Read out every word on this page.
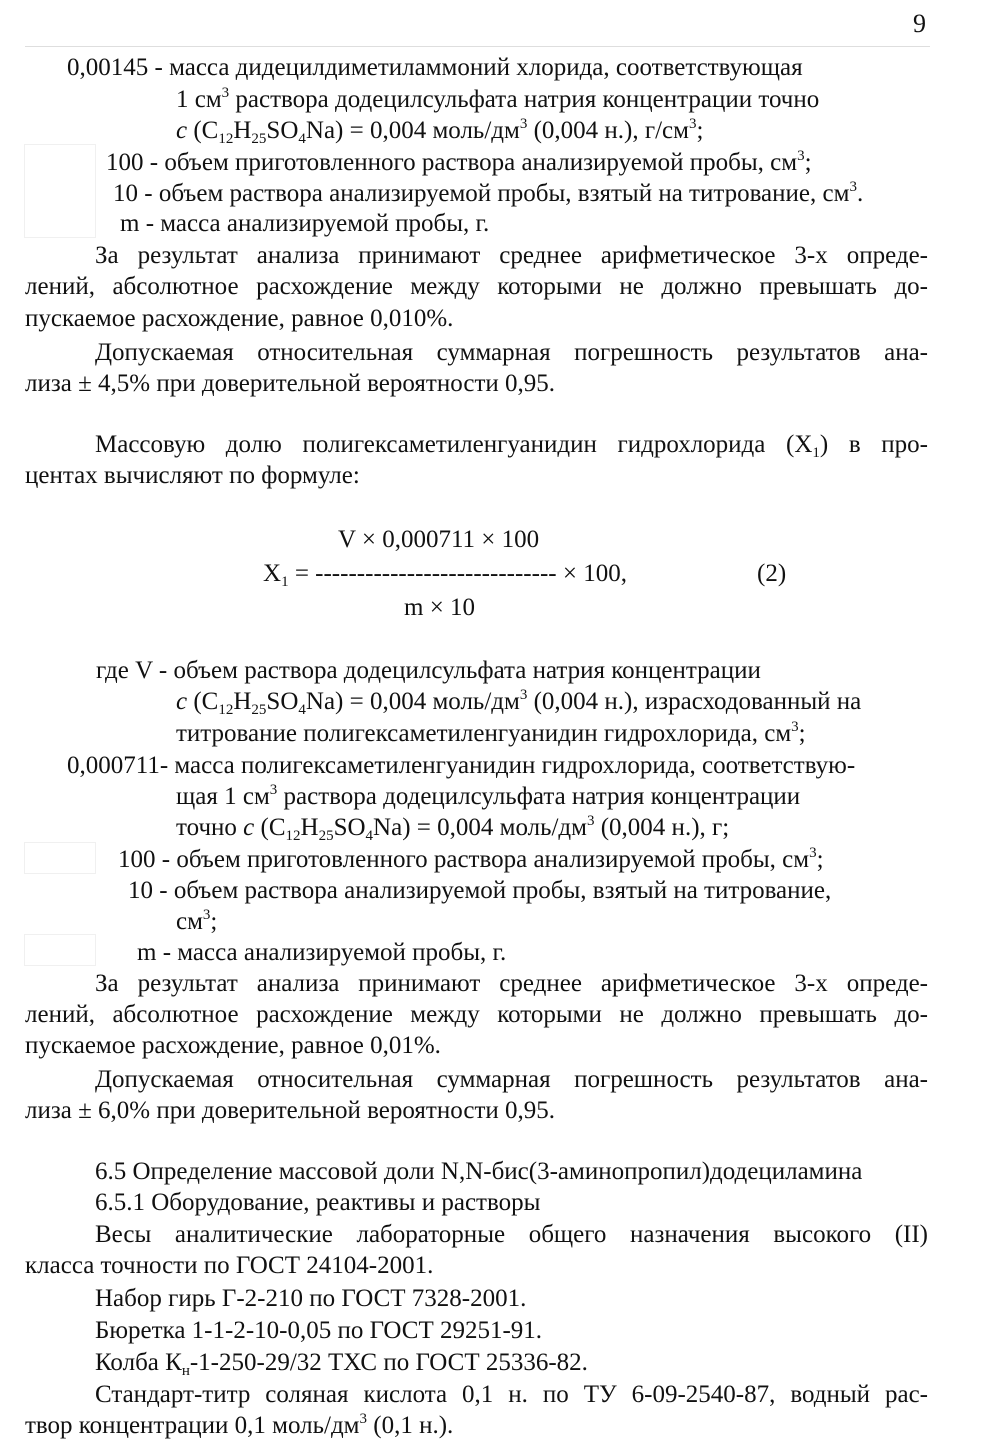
9
0,00145 - масса дидецилдиметиламмоний хлорида, соответствующая
1 $см^3$ раствора додецилсульфата натрия концентрации точно
c $(C_{12}H_{25}SO_4Na) = 0,004$ моль/$дм^3$ (0,004 н.), $г/см^3$;
100 - объем приготовленного раствора анализируемой пробы, $см^3$;
10 - объем раствора анализируемой пробы, взятый на титрование, $см^3$.
m - масса анализируемой пробы, г.
За результат анализа принимают среднее арифметическое 3-х опреде-
лений, абсолютное расхождение между которыми не должно превышать до-
пускаемое расхождение, равное 0,010%.
Допускаемая относительная суммарная погрешность результатов ана-
лиза ± 4,5% при доверительной вероятности 0,95.
Массовую долю полигексаметиленгуанидин гидрохлорида $(X_1)$ в про-
центах вычисляют по формуле:
V × 0,000711 × 100
$X_1$ = ----------------------------- × 100,	(2)
m × 10
где V - объем раствора додецилсульфата натрия концентрации
c $(C_{12}H_{25}SO_4Na) = 0,004$ моль/$дм^3$ (0,004 н.), израсходованный на
титрование полигексаметиленгуанидин гидрохлорида, $см^3$;
0,000711- масса полигексаметиленгуанидин гидрохлорида, соответствую-
щая 1 $см^3$ раствора додецилсульфата натрия концентрации
точно c $(C_{12}H_{25}SO_4Na) = 0,004$ моль/$дм^3$ (0,004 н.), г;
100 - объем приготовленного раствора анализируемой пробы, $см^3$;
10 - объем раствора анализируемой пробы, взятый на титрование,
$см^3$;
m - масса анализируемой пробы, г.
За результат анализа принимают среднее арифметическое 3-х опреде-
лений, абсолютное расхождение между которыми не должно превышать до-
пускаемое расхождение, равное 0,01%.
Допускаемая относительная суммарная погрешность результатов ана-
лиза ± 6,0% при доверительной вероятности 0,95.
6.5 Определение массовой доли N,N-бис(3-аминопропил)додециламина
6.5.1 Оборудование, реактивы и растворы
Весы аналитические лабораторные общего назначения высокого (II)
класса точности по ГОСТ 24104-2001.
Набор гирь Г-2-210 по ГОСТ 7328-2001.
Бюретка 1-1-2-10-0,05 по ГОСТ 29251-91.
Колба $К_н-1-250-29/32$ ТХС по ГОСТ 25336-82.
Стандарт-титр соляная кислота 0,1 н. по ТУ 6-09-2540-87, водный рас-
твор концентрации 0,1 моль/$дм^3$ (0,1 н.).
